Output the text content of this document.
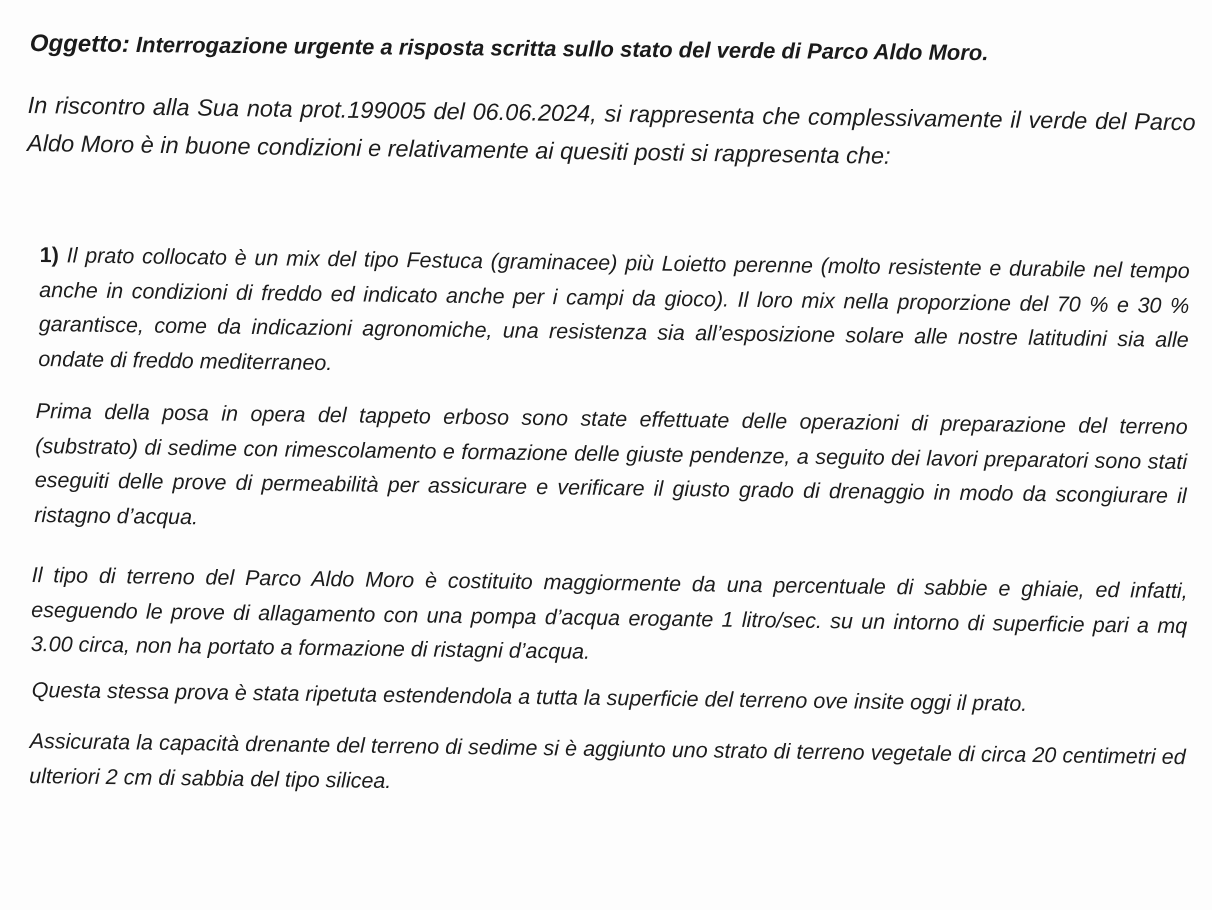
Oggetto: Interrogazione urgente a risposta scritta sullo stato del verde di Parco Aldo Moro.
In riscontro alla Sua nota prot.199005 del 06.06.2024, si rappresenta che complessivamente il verde del Parco Aldo Moro è in buone condizioni e relativamente ai quesiti posti si rappresenta che:
1) Il prato collocato è un mix del tipo Festuca (graminacee) più Loietto perenne (molto resistente e durabile nel tempo anche in condizioni di freddo ed indicato anche per i campi da gioco). Il loro mix nella proporzione del 70 % e 30 % garantisce, come da indicazioni agronomiche, una resistenza sia all’esposizione solare alle nostre latitudini sia alle ondate di freddo mediterraneo.
Prima della posa in opera del tappeto erboso sono state effettuate delle operazioni di preparazione del terreno (substrato) di sedime con rimescolamento e formazione delle giuste pendenze, a seguito dei lavori preparatori sono stati eseguiti delle prove di permeabilità per assicurare e verificare il giusto grado di drenaggio in modo da scongiurare il ristagno d’acqua.
Il tipo di terreno del Parco Aldo Moro è costituito maggiormente da una percentuale di sabbie e ghiaie, ed infatti, eseguendo le prove di allagamento con una pompa d’acqua erogante 1 litro/sec. su un intorno di superficie pari a mq 3.00 circa, non ha portato a formazione di ristagni d’acqua.
Questa stessa prova è stata ripetuta estendendola a tutta la superficie del terreno ove insite oggi il prato.
Assicurata la capacità drenante del terreno di sedime si è aggiunto uno strato di terreno vegetale di circa 20 centimetri ed ulteriori 2 cm di sabbia del tipo silicea.
